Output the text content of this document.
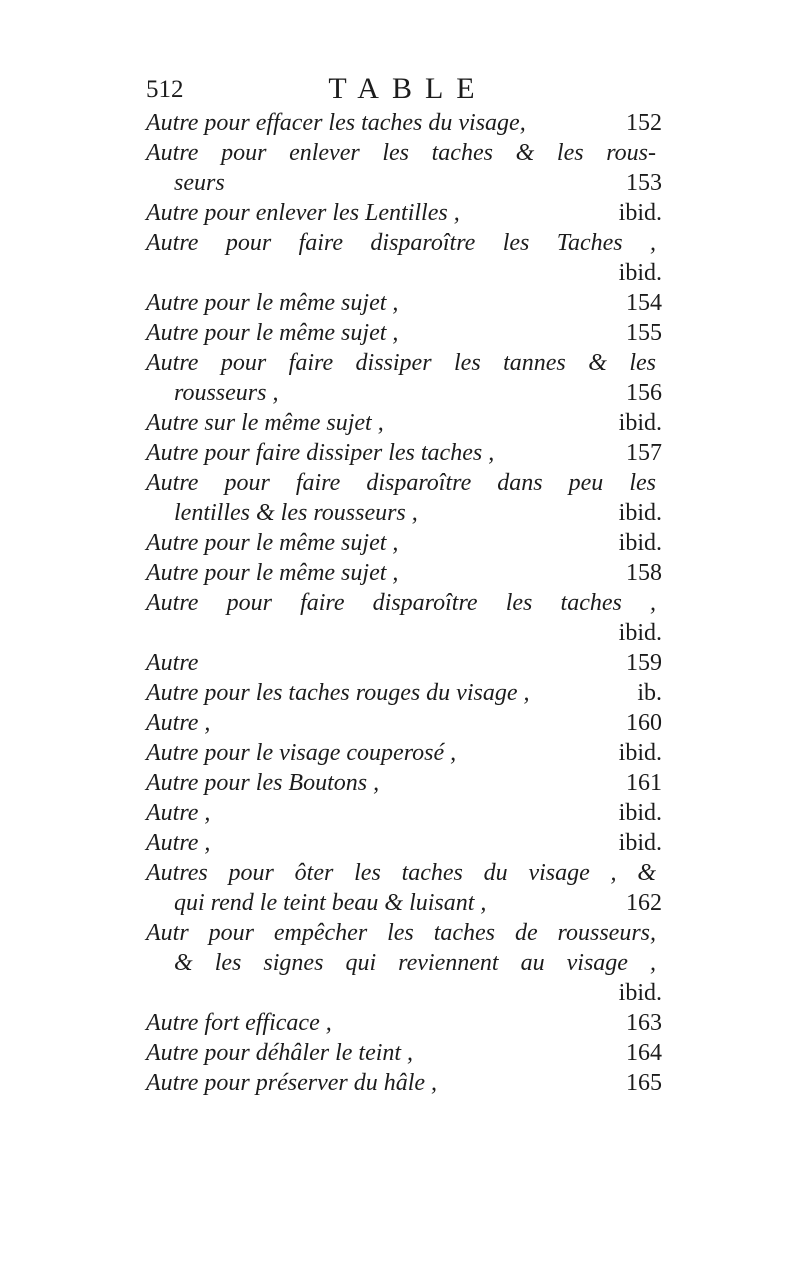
512	TABLE
Autre pour effacer les taches du visage,	152
Autre pour enlever les taches & les rous-
seurs	153
Autre pour enlever les Lentilles ,	ibid.
Autre pour faire disparoître les Taches ,
ibid.
Autre pour le même sujet ,	154
Autre pour le même sujet ,	155
Autre pour faire dissiper les tannes & les
rousseurs ,	156
Autre sur le même sujet ,	ibid.
Autre pour faire dissiper les taches ,	157
Autre pour faire disparoître dans peu les
lentilles & les rousseurs ,	ibid.
Autre pour le même sujet ,	ibid.
Autre pour le même sujet ,	158
Autre pour faire disparoître les taches ,
ibid.
Autre	159
Autre pour les taches rouges du visage ,	ib.
Autre ,	160
Autre pour le visage couperosé ,	ibid.
Autre pour les Boutons ,	161
Autre ,	ibid.
Autre ,	ibid.
Autres pour ôter les taches du visage , &
qui rend le teint beau & luisant ,	162
Autr pour empêcher les taches de rousseurs,
& les signes qui reviennent au visage ,
ibid.
Autre fort efficace ,	163
Autre pour déhâler le teint ,	164
Autre pour préserver du hâle ,	165
